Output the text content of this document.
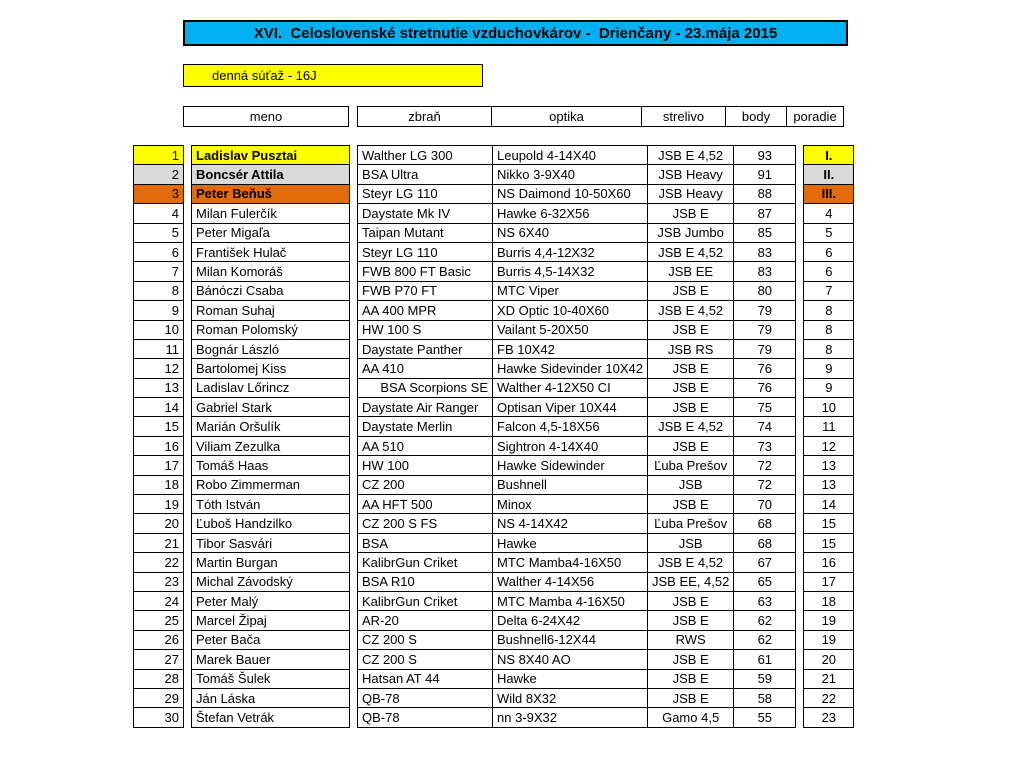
XVI.  Celoslovenské stretnutie vzduchovkárov -  Drienčany - 23.mája 2015
denná súťaž - 16J
meno	zbraň	optika	strelivo	body	poradie
1		Ladislav Pusztai		Walther LG 300	Leupold 4-14X40	JSB E 4,52	93		I.
2		Boncsér Attila		BSA Ultra	Nikko 3-9X40	JSB Heavy	91		II.
3		Peter Beňuš		Steyr LG 110	NS Daimond 10-50X60	JSB Heavy	88		III.
4		Milan Fulerčík		Daystate Mk IV	Hawke 6-32X56	JSB E	87		4
5		Peter Migaľa		Taipan Mutant	NS 6X40	JSB Jumbo	85		5
6		František Hulač		Steyr LG 110	Burris 4,4-12X32	JSB E 4,52	83		6
7		Milan Komoráš		FWB 800 FT Basic	Burris 4,5-14X32	JSB EE	83		6
8		Bánóczi Csaba		FWB P70 FT	MTC Viper	JSB E	80		7
9		Roman Suhaj		AA 400 MPR	XD Optic 10-40X60	JSB E 4,52	79		8
10		Roman Polomský		HW 100 S	Vailant 5-20X50	JSB E	79		8
11		Bognár László		Daystate Panther	FB 10X42	JSB RS	79		8
12		Bartolomej Kiss		AA 410	Hawke Sidevinder 10X42	JSB E	76		9
13		Ladislav Lőrincz		BSA Scorpions SE	Walther 4-12X50 CI	JSB E	76		9
14		Gabriel Stark		Daystate Air Ranger	Optisan Viper 10X44	JSB E	75		10
15		Marián Oršulík		Daystate Merlin	Falcon 4,5-18X56	JSB E 4,52	74		11
16		Viliam Zezulka		AA 510	Sightron 4-14X40	JSB E	73		12
17		Tomáš Haas		HW 100	Hawke Sidewinder	Ľuba Prešov	72		13
18		Robo Zimmerman		CZ 200	Bushnell	JSB	72		13
19		Tóth István		AA HFT 500	Minox	JSB E	70		14
20		Ľuboš Handzilko		CZ 200 S FS	NS 4-14X42	Ľuba Prešov	68		15
21		Tibor Sasvári		BSA	Hawke	JSB	68		15
22		Martin Burgan		KalibrGun Criket	MTC Mamba4-16X50	JSB E 4,52	67		16
23		Michal Závodský		BSA R10	Walther 4-14X56	JSB EE, 4,52	65		17
24		Peter Malý		KalibrGun Criket	MTC Mamba 4-16X50	JSB E	63		18
25		Marcel Žipaj		AR-20	Delta 6-24X42	JSB E	62		19
26		Peter Bača		CZ 200 S	Bushnell6-12X44	RWS	62		19
27		Marek Bauer		CZ 200 S	NS 8X40 AO	JSB E	61		20
28		Tomáš Šulek		Hatsan AT 44	Hawke	JSB E	59		21
29		Ján Láska		QB-78	Wild 8X32	JSB E	58		22
30		Štefan Vetrák		QB-78	nn 3-9X32	Gamo 4,5	55		23
